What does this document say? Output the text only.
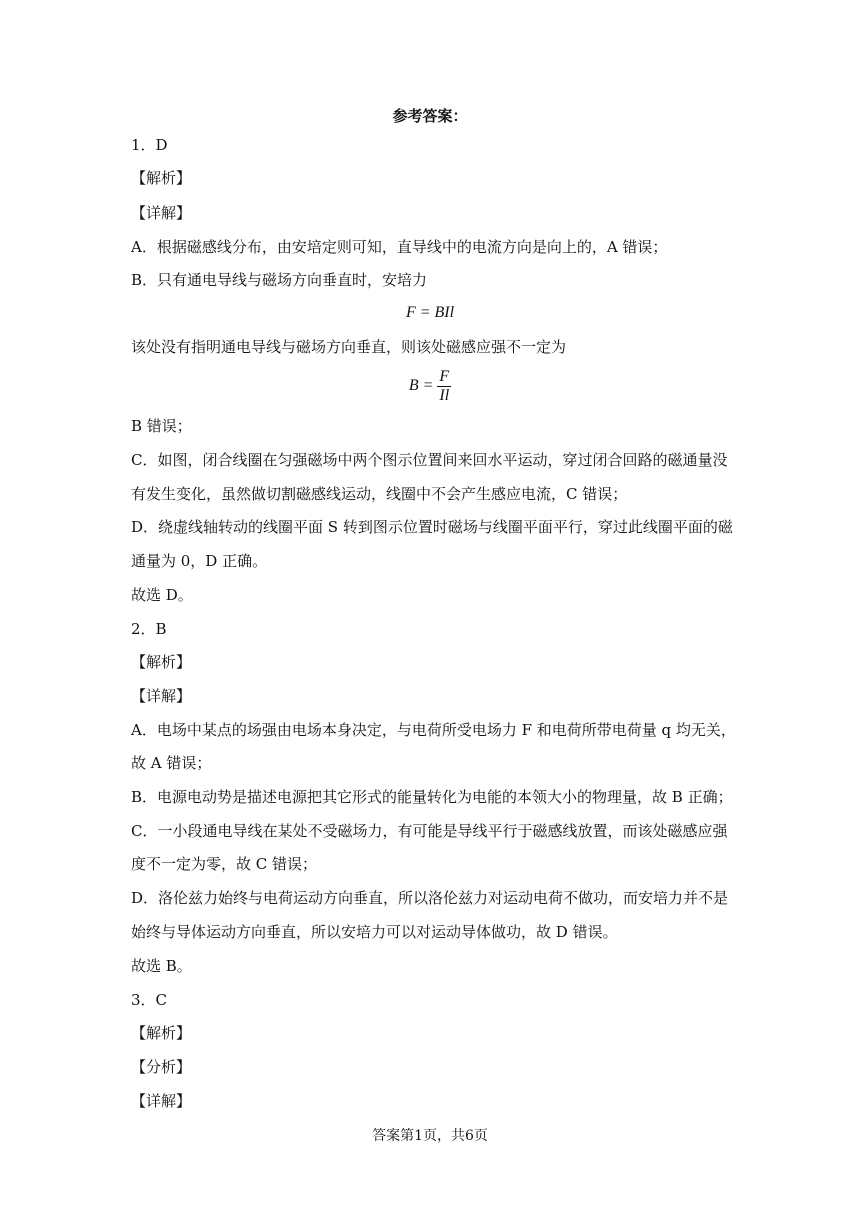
参考答案：
1．D
【解析】
【详解】
A．根据磁感线分布，由安培定则可知，直导线中的电流方向是向上的，A 错误；
B．只有通电导线与磁场方向垂直时，安培力
F = BIl
该处没有指明通电导线与磁场方向垂直，则该处磁感应强不一定为
$B = \frac{F}{Il}$
B 错误；
C．如图，闭合线圈在匀强磁场中两个图示位置间来回水平运动，穿过闭合回路的磁通量没
有发生变化，虽然做切割磁感线运动，线圈中不会产生感应电流，C 错误；
D．绕虚线轴转动的线圈平面 S 转到图示位置时磁场与线圈平面平行，穿过此线圈平面的磁
通量为 0，D 正确。
故选 D。
2．B
【解析】
【详解】
A．电场中某点的场强由电场本身决定，与电荷所受电场力 F 和电荷所带电荷量 q 均无关，
故 A 错误；
B．电源电动势是描述电源把其它形式的能量转化为电能的本领大小的物理量，故 B 正确；
C．一小段通电导线在某处不受磁场力，有可能是导线平行于磁感线放置，而该处磁感应强
度不一定为零，故 C 错误；
D．洛伦兹力始终与电荷运动方向垂直，所以洛伦兹力对运动电荷不做功，而安培力并不是
始终与导体运动方向垂直，所以安培力可以对运动导体做功，故 D 错误。
故选 B。
3．C
【解析】
【分析】
【详解】
答案第1页，共6页
